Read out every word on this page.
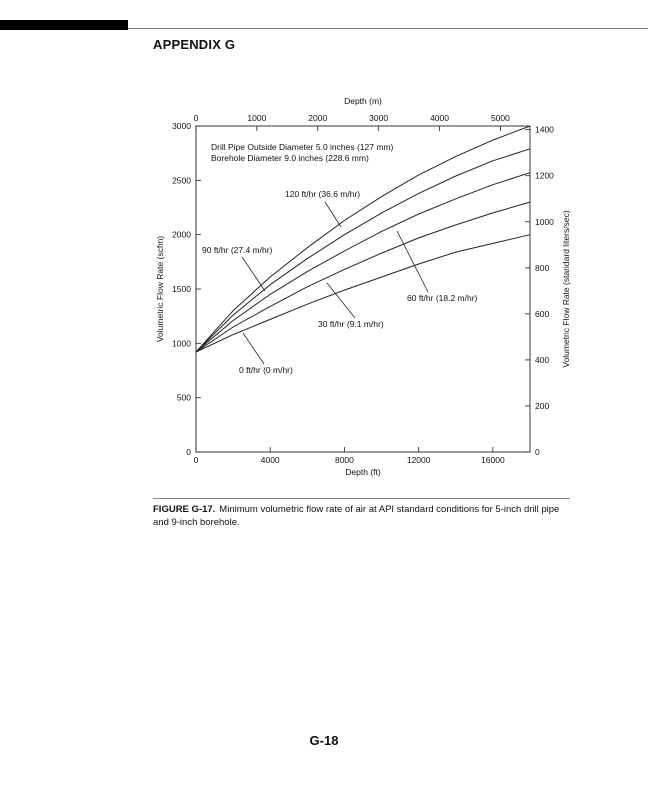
APPENDIX G
0	4000	8000	12000	16000
0	1000	2000	3000	4000	5000
0
500
1000
1500
2000
2500
3000
0
200
400
600
800
1000
1200
1400
Depth (ft)
Depth (m)
Volumetric Flow Rate (scfm)	Volumetric Flow Rate (standard liters/sec)
Drill Pipe Outside Diameter 5.0 inches (127 mm)
Borehole Diameter 9.0 inches (228.6 mm)
0 ft/hr (0 m/hr)
30 ft/hr (9.1 m/hr)
60 ft/hr (18.2 m/hr)
90 ft/hr (27.4 m/hr)
120 ft/hr (36.6 m/hr)
FIGURE G-17. Minimum volumetric flow rate of air at API standard conditions for 5-inch drill pipe and 9-inch borehole.
G-18
